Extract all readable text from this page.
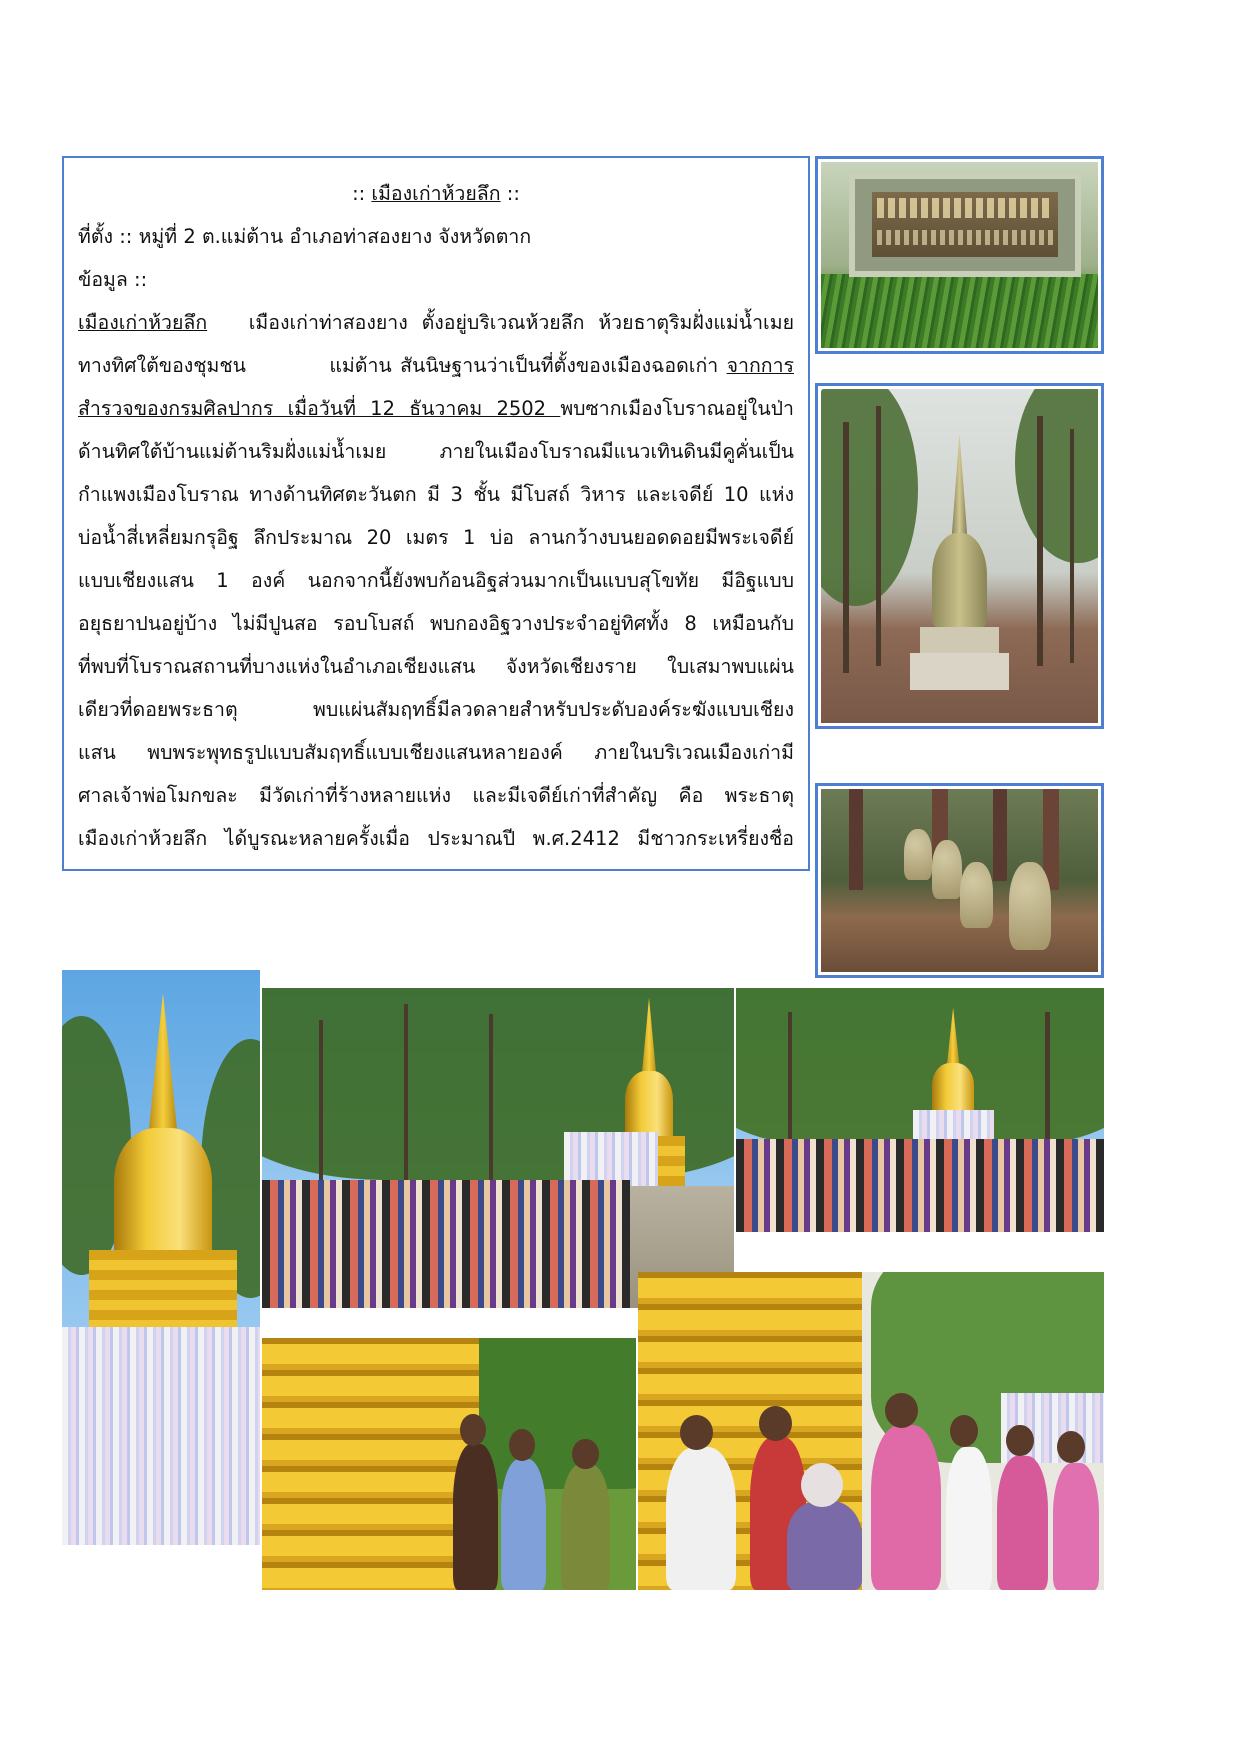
:: เมืองเก่าห้วยลึก ::
ที่ตั้ง :: หมู่ที่ 2 ต.แม่ต้าน อำเภอท่าสองยาง จังหวัดตาก
ข้อมูล ::
เมืองเก่าห้วยลึก เมืองเก่าท่าสองยาง ตั้งอยู่บริเวณห้วยลึก ห้วยธาตุริมฝั่งแม่น้ำเมย
ทางทิศใต้ของชุมชน          แม่ต้าน สันนิษฐานว่าเป็นที่ตั้งของเมืองฉอดเก่า จากการ
สำรวจของกรมศิลปากร เมื่อวันที่ 12 ธันวาคม 2502 พบซากเมืองโบราณอยู่ในป่า
ด้านทิศใต้บ้านแม่ต้านริมฝั่งแม่น้ำเมย ภายในเมืองโบราณมีแนวเทินดินมีคูคั่นเป็น
กำแพงเมืองโบราณ ทางด้านทิศตะวันตก มี 3 ชั้น มีโบสถ์ วิหาร และเจดีย์ 10 แห่ง
บ่อน้ำสี่เหลี่ยมกรุอิฐ ลึกประมาณ 20 เมตร 1 บ่อ ลานกว้างบนยอดดอยมีพระเจดีย์
แบบเชียงแสน 1 องค์ นอกจากนี้ยังพบก้อนอิฐส่วนมากเป็นแบบสุโขทัย มีอิฐแบบ
อยุธยาปนอยู่บ้าง ไม่มีปูนสอ รอบโบสถ์ พบกองอิฐวางประจำอยู่ทิศทั้ง 8 เหมือนกับ
ที่พบที่โบราณสถานที่บางแห่งในอำเภอเชียงแสน จังหวัดเชียงราย ใบเสมาพบแผ่น
เดียวที่ดอยพระธาตุ พบแผ่นสัมฤทธิ์มีลวดลายสำหรับประดับองค์ระฆังแบบเชียง
แสน พบพระพุทธรูปแบบสัมฤทธิ์แบบเชียงแสนหลายองค์ ภายในบริเวณเมืองเก่ามี
ศาลเจ้าพ่อโมกขละ มีวัดเก่าที่ร้างหลายแห่ง และมีเจดีย์เก่าที่สำคัญ คือ พระธาตุ
เมืองเก่าห้วยลึก ได้บูรณะหลายครั้งเมื่อ ประมาณปี พ.ศ.2412 มีชาวกระเหรี่ยงชื่อ
